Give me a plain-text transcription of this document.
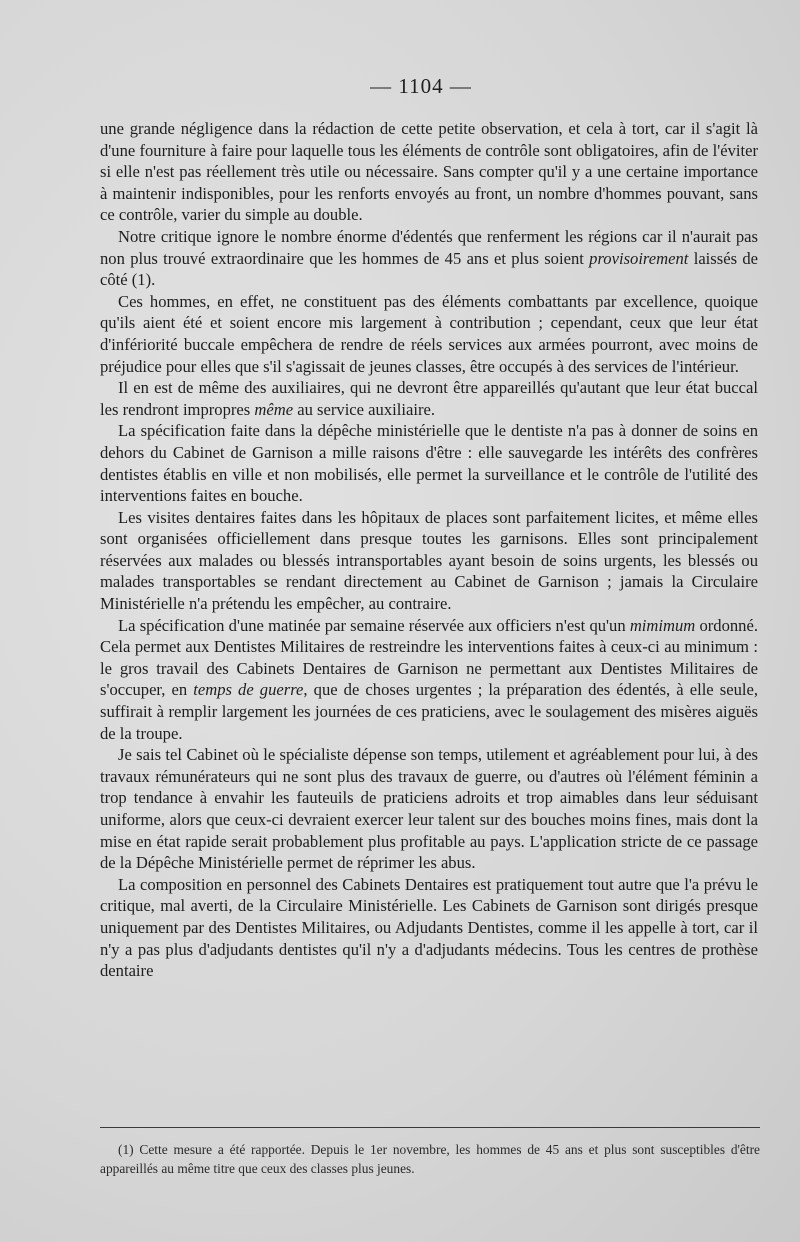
— 1104 —

une grande négligence dans la rédaction de cette petite observation, et cela à tort, car il s'agit là d'une fourniture à faire pour laquelle tous les éléments de contrôle sont obligatoires, afin de l'éviter si elle n'est pas réellement très utile ou nécessaire. Sans compter qu'il y a une certaine importance à maintenir indisponibles, pour les renforts envoyés au front, un nombre d'hommes pouvant, sans ce contrôle, varier du simple au double.

Notre critique ignore le nombre énorme d'édentés que renferment les régions car il n'aurait pas non plus trouvé extraordinaire que les hommes de 45 ans et plus soient provisoirement laissés de côté (1).

Ces hommes, en effet, ne constituent pas des éléments combattants par excellence, quoique qu'ils aient été et soient encore mis largement à contribution ; cependant, ceux que leur état d'infériorité buccale empêchera de rendre de réels services aux armées pourront, avec moins de préjudice pour elles que s'il s'agissait de jeunes classes, être occupés à des services de l'intérieur.

Il en est de même des auxiliaires, qui ne devront être appareillés qu'autant que leur état buccal les rendront impropres même au service auxiliaire.

La spécification faite dans la dépêche ministérielle que le dentiste n'a pas à donner de soins en dehors du Cabinet de Garnison a mille raisons d'être : elle sauvegarde les intérêts des confrères dentistes établis en ville et non mobilisés, elle permet la surveillance et le contrôle de l'utilité des interventions faites en bouche.

Les visites dentaires faites dans les hôpitaux de places sont parfaitement licites, et même elles sont organisées officiellement dans presque toutes les garnisons. Elles sont principalement réservées aux malades ou blessés intransportables ayant besoin de soins urgents, les blessés ou malades transportables se rendant directement au Cabinet de Garnison ; jamais la Circulaire Ministérielle n'a prétendu les empêcher, au contraire.

La spécification d'une matinée par semaine réservée aux officiers n'est qu'un mimimum ordonné. Cela permet aux Dentistes Militaires de restreindre les interventions faites à ceux-ci au minimum : le gros travail des Cabinets Dentaires de Garnison ne permettant aux Dentistes Militaires de s'occuper, en temps de guerre, que de choses urgentes ; la préparation des édentés, à elle seule, suffirait à remplir largement les journées de ces praticiens, avec le soulagement des misères aiguës de la troupe.

Je sais tel Cabinet où le spécialiste dépense son temps, utilement et agréablement pour lui, à des travaux rémunérateurs qui ne sont plus des travaux de guerre, ou d'autres où l'élément féminin a trop tendance à envahir les fauteuils de praticiens adroits et trop aimables dans leur séduisant uniforme, alors que ceux-ci devraient exercer leur talent sur des bouches moins fines, mais dont la mise en état rapide serait probablement plus profitable au pays. L'application stricte de ce passage de la Dépêche Ministérielle permet de réprimer les abus.

La composition en personnel des Cabinets Dentaires est pratiquement tout autre que l'a prévu le critique, mal averti, de la Circulaire Ministérielle. Les Cabinets de Garnison sont dirigés presque uniquement par des Dentistes Militaires, ou Adjudants Dentistes, comme il les appelle à tort, car il n'y a pas plus d'adjudants dentistes qu'il n'y a d'adjudants médecins. Tous les centres de prothèse dentaire

(1) Cette mesure a été rapportée. Depuis le 1er novembre, les hommes de 45 ans et plus sont susceptibles d'être appareillés au même titre que ceux des classes plus jeunes.
